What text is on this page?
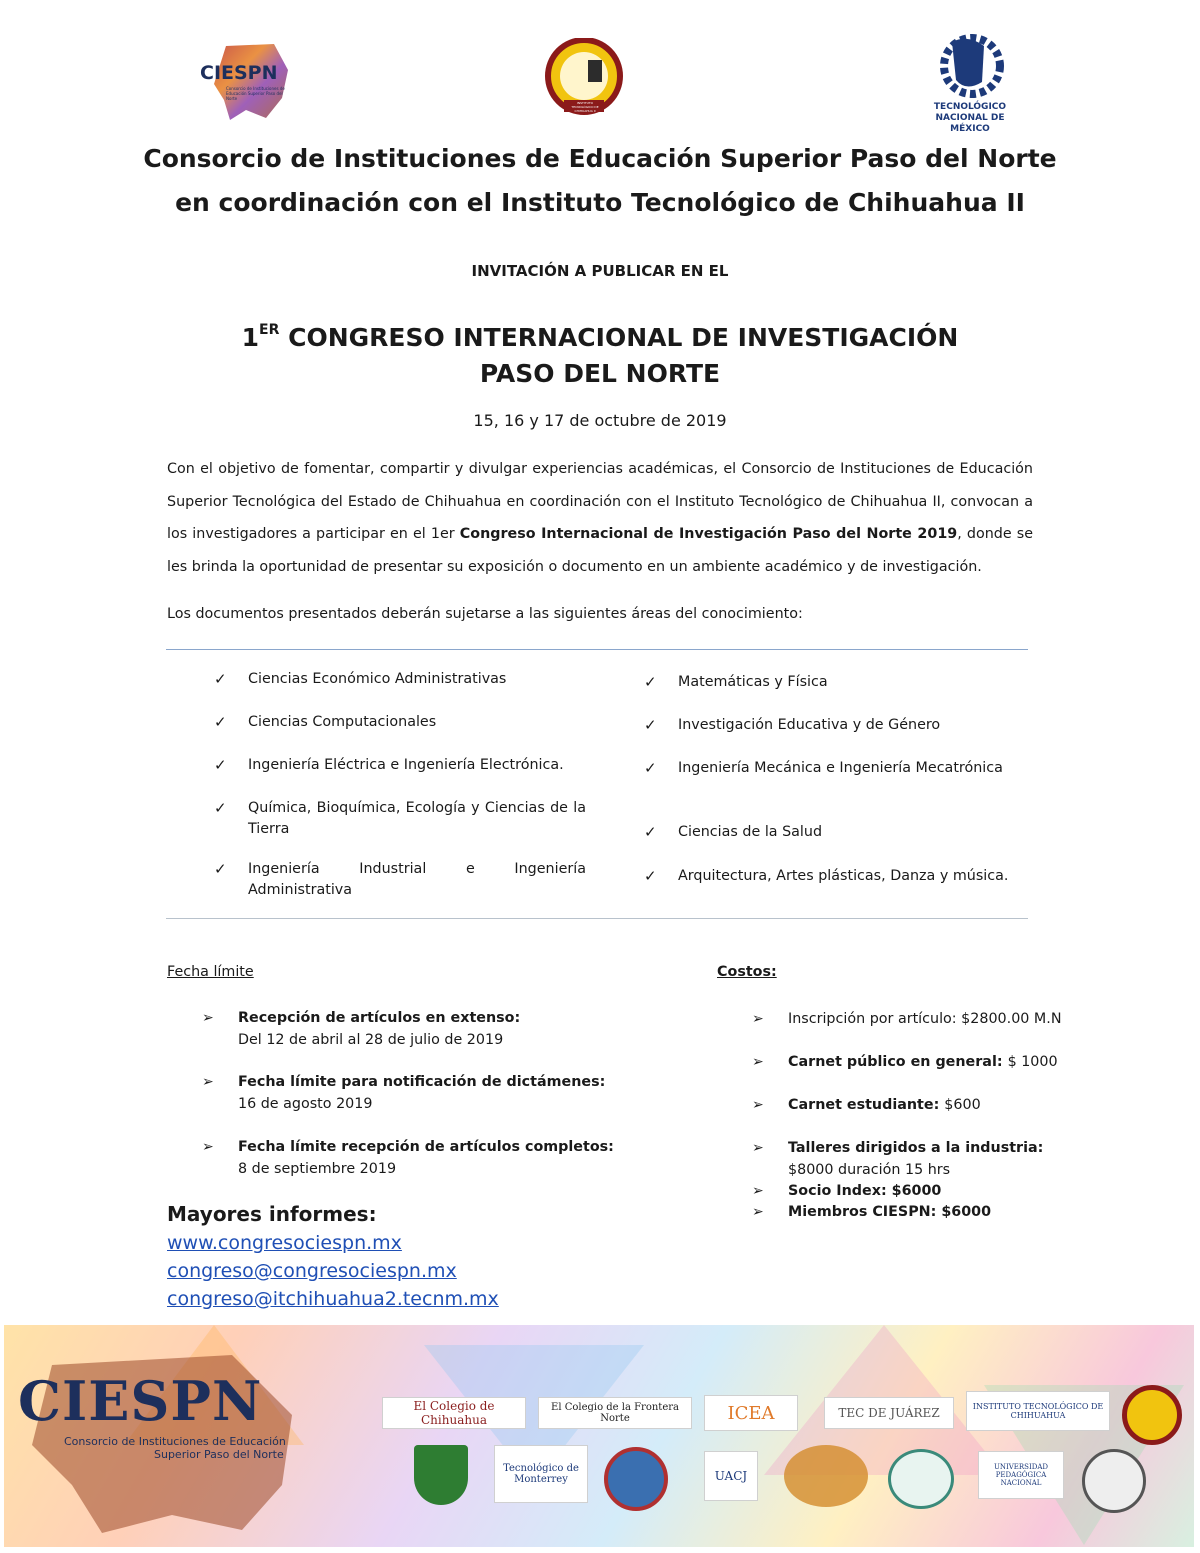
CIESPN
Consorcio de Instituciones de Educación Superior Paso del Norte
INSTITUTO TECNOLÓGICO DE CHIHUAHUA II	TECNOLÓGICO NACIONAL DE MÉXICO
Consorcio de Instituciones de Educación Superior Paso del Norte
en coordinación con el Instituto Tecnológico de Chihuahua II
INVITACIÓN A PUBLICAR EN EL
1ER CONGRESO INTERNACIONAL DE INVESTIGACIÓN
PASO DEL NORTE
15, 16 y 17 de octubre de 2019
Con el objetivo de fomentar, compartir y divulgar experiencias académicas, el Consorcio de Instituciones de Educación Superior Tecnológica del Estado de Chihuahua en coordinación con el Instituto Tecnológico de Chihuahua II, convocan a los investigadores a participar en el 1er Congreso Internacional de Investigación Paso del Norte 2019, donde se les brinda la oportunidad de presentar su exposición o documento en un ambiente académico y de investigación.
Los documentos presentados deberán sujetarse a las siguientes áreas del conocimiento:
✓ Ciencias Económico Administrativas
✓ Ciencias Computacionales
✓ Ingeniería Eléctrica e Ingeniería Electrónica.
✓ Química, Bioquímica, Ecología y Ciencias de la Tierra
✓ Ingeniería Industrial e Ingeniería Administrativa
✓ Matemáticas y Física
✓ Investigación Educativa y de Género
✓ Ingeniería Mecánica e Ingeniería Mecatrónica
✓ Ciencias de la Salud
✓ Arquitectura, Artes plásticas, Danza y música.
Fecha límite
➢ Recepción de artículos en extenso:
Del 12 de abril al 28 de julio de 2019
➢ Fecha límite para notificación de dictámenes:
16 de agosto 2019
➢ Fecha límite recepción de artículos completos:
8 de septiembre 2019
Costos:
➢ Inscripción por artículo: $2800.00 M.N
➢ Carnet público en general: $ 1000
➢ Carnet estudiante: $600
➢ Talleres dirigidos a la industria:
$8000 duración 15 hrs
➢ Socio Index: $6000
➢ Miembros CIESPN: $6000
Mayores informes:
www.congresociespn.mx
congreso@congresociespn.mx
congreso@itchihuahua2.tecnm.mx
CIESPN
Consorcio de Instituciones de Educación
Superior Paso del Norte
El Colegio de Chihuahua
El Colegio de la Frontera Norte	ICEA	TEC DE JUÁREZ	INSTITUTO TECNOLÓGICO DE CHIHUAHUA
Tecnológico de Monterrey	UACJ
UNIVERSIDAD PEDAGÓGICA NACIONAL
